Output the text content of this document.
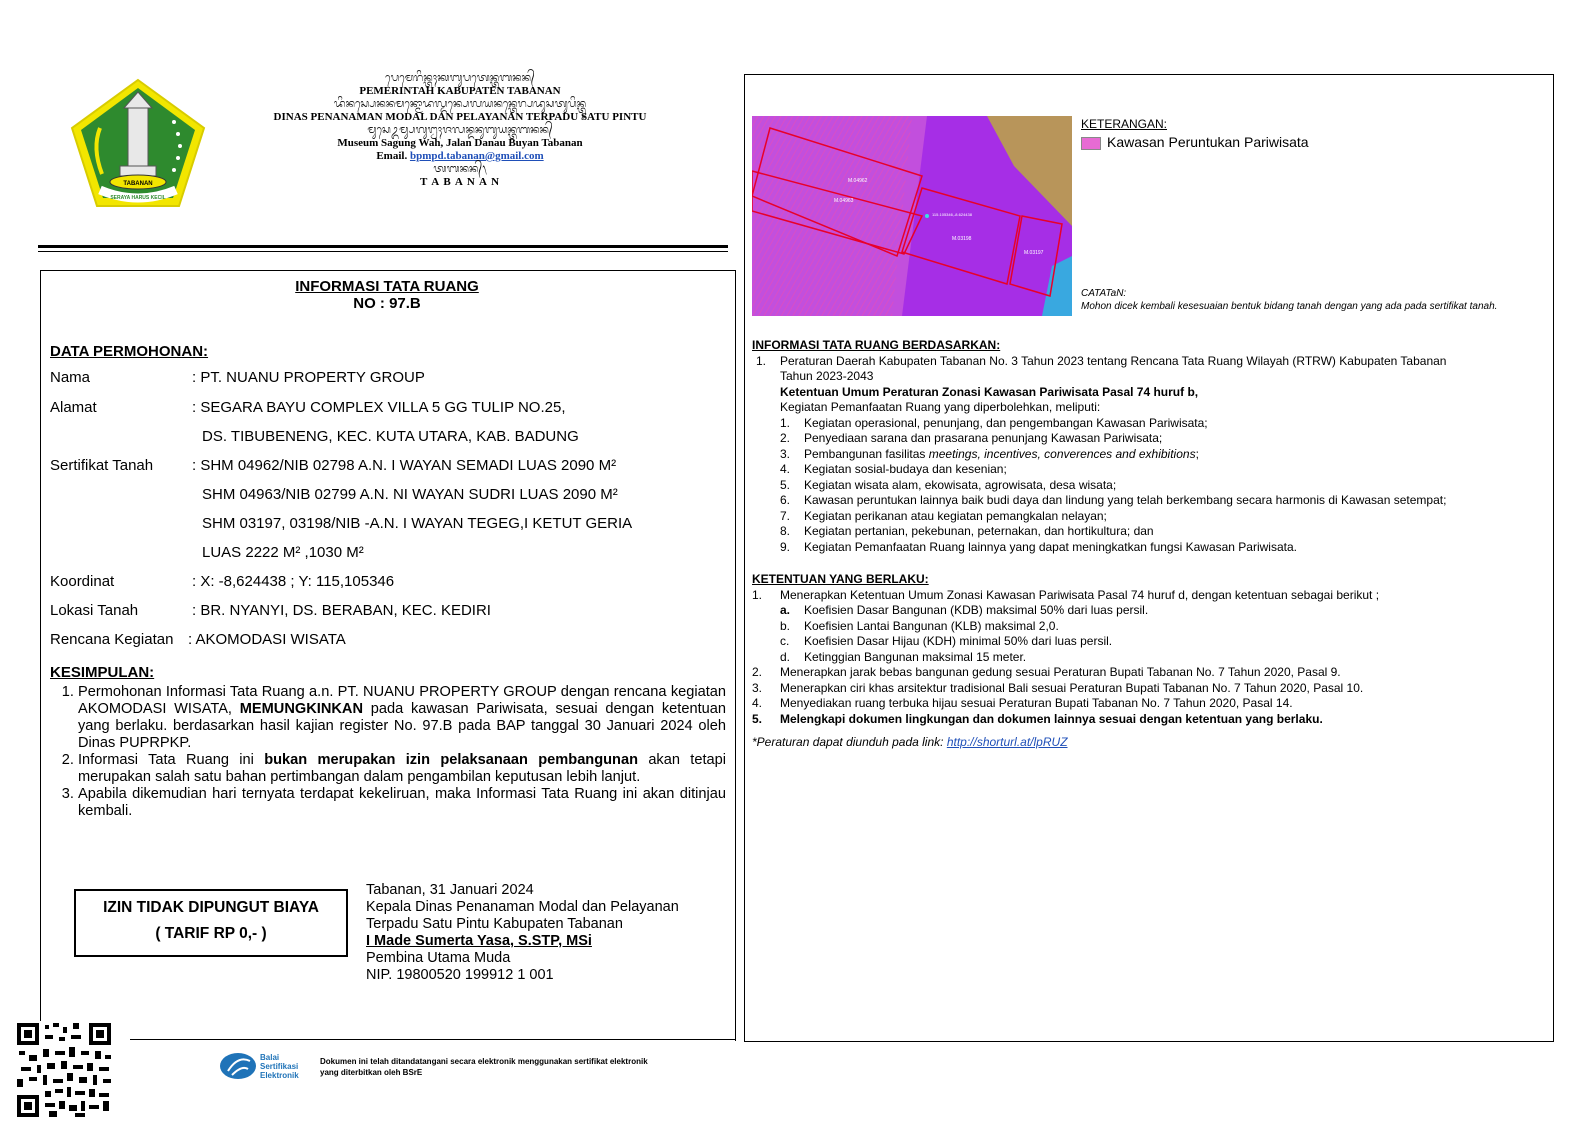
TABANAN
SERAYA HARUS KECIL
ᬧᬾᬫᬾᬭᬶᬦ᭄ᬢᬄᬓᬩᬸᬧᬢᬾᬦ᭄ᬢᬩᬦᬦ᭄
PEMERINTAH KABUPATEN TABANAN
ᬤᬶᬦᬲ᭄ᬧᬾᬦᬦᬫᬦ᭄ᬫᭀᬤᬮ᭄ᬤᬦ᭄ᬧᬾᬮᬬᬦᬦ᭄ᬢᬾᬭ᭄ᬧᬤᬸᬲᬢᬸᬧᬶᬦ᭄ᬢᬸ
DINAS PENANAMAN MODAL DAN PELAYANAN TERPADU SATU PINTU
ᬫᬸᬲᬾᬉᬫ᭄ᬲᬕᬸᬗ᭄ᬯᬄᬚᬮᬦ᭄ᬤᬦᬸᬩᬸᬬᬦ᭄ᬢᬩᬦᬦ᭄
Museum Sagung Wah, Jalan Danau Buyan Tabanan
Email. bpmpd.tabanan@gmail.com
ᬢᬩᬦᬦ᭄᭞
T A B A N A N
INFORMASI TATA RUANG
NO : 97.B
DATA PERMOHONAN:
Nama	: PT. NUANU PROPERTY GROUP
Alamat	: SEGARA BAYU COMPLEX VILLA 5 GG TULIP NO.25,
DS. TIBUBENENG, KEC. KUTA UTARA, KAB. BADUNG
Sertifikat Tanah	: SHM 04962/NIB 02798 A.N. I WAYAN SEMADI LUAS 2090 M²
SHM 04963/NIB 02799 A.N. NI WAYAN SUDRI LUAS 2090 M²
SHM 03197, 03198/NIB -A.N. I WAYAN TEGEG,I KETUT GERIA
LUAS 2222 M² ,1030 M²
Koordinat	: X: -8,624438 ; Y: 115,105346
Lokasi Tanah	: BR. NYANYI, DS. BERABAN, KEC. KEDIRI
Rencana Kegiatan : AKOMODASI WISATA
KESIMPULAN:
1. Permohonan Informasi Tata Ruang a.n. PT. NUANU PROPERTY GROUP dengan rencana kegiatan AKOMODASI WISATA, MEMUNGKINKAN pada kawasan Pariwisata, sesuai dengan ketentuan yang berlaku. berdasarkan hasil kajian register No. 97.B pada BAP tanggal 30 Januari 2024 oleh Dinas PUPRPKP.
2. Informasi Tata Ruang ini bukan merupakan izin pelaksanaan pembangunan akan tetapi merupakan salah satu bahan pertimbangan dalam pengambilan keputusan lebih lanjut.
3. Apabila dikemudian hari ternyata terdapat kekeliruan, maka Informasi Tata Ruang ini akan ditinjau kembali.
IZIN TIDAK DIPUNGUT BIAYA
( TARIF RP 0,- )
Tabanan, 31 Januari 2024
Kepala Dinas Penanaman Modal dan Pelayanan
Terpadu Satu Pintu Kabupaten Tabanan
I Made Sumerta Yasa, S.STP, MSi
Pembina Utama Muda
NIP. 19800520 199912 1 001
M.04962
M.04963
M.03198
M.03197
115.105346,-8.624438
KETERANGAN:
Kawasan Peruntukan Pariwisata
CATATaN:
Mohon dicek kembali kesesuaian bentuk bidang tanah dengan yang ada pada sertifikat tanah.
INFORMASI TATA RUANG BERDASARKAN:
1.	Peraturan Daerah Kabupaten Tabanan No. 3 Tahun 2023 tentang Rencana Tata Ruang Wilayah (RTRW) Kabupaten Tabanan
Tahun 2023-2043
Ketentuan Umum Peraturan Zonasi Kawasan Pariwisata Pasal 74 huruf b,
Kegiatan Pemanfaatan Ruang yang diperbolehkan, meliputi:
1.	Kegiatan operasional, penunjang, dan pengembangan Kawasan Pariwisata;
2.	Penyediaan sarana dan prasarana penunjang Kawasan Pariwisata;
3.	Pembangunan fasilitas meetings, incentives, converences and exhibitions;
4.	Kegiatan sosial-budaya dan kesenian;
5.	Kegiatan wisata alam, ekowisata, agrowisata, desa wisata;
6.	Kawasan peruntukan lainnya baik budi daya dan lindung yang telah berkembang secara harmonis di Kawasan setempat;
7.	Kegiatan perikanan atau kegiatan pemangkalan nelayan;
8.	Kegiatan pertanian, pekebunan, peternakan, dan hortikultura; dan
9.	Kegiatan Pemanfaatan Ruang lainnya yang dapat meningkatkan fungsi Kawasan Pariwisata.
KETENTUAN YANG BERLAKU:
1.	Menerapkan Ketentuan Umum Zonasi Kawasan Pariwisata Pasal 74 huruf d, dengan ketentuan sebagai berikut ;
a.	Koefisien Dasar Bangunan (KDB) maksimal 50% dari luas persil.
b.	Koefisien Lantai Bangunan (KLB) maksimal 2,0.
c.	Koefisien Dasar Hijau (KDH) minimal 50% dari luas persil.
d.	Ketinggian Bangunan maksimal 15 meter.
2.	Menerapkan jarak bebas bangunan gedung sesuai Peraturan Bupati Tabanan No. 7 Tahun 2020, Pasal 9.
3.	Menerapkan ciri khas arsitektur tradisional Bali sesuai Peraturan Bupati Tabanan No. 7 Tahun 2020, Pasal 10.
4.	Menyediakan ruang terbuka hijau sesuai Peraturan Bupati Tabanan No. 7 Tahun 2020, Pasal 14.
5.	Melengkapi dokumen lingkungan dan dokumen lainnya sesuai dengan ketentuan yang berlaku.
*Peraturan dapat diunduh pada link: http://shorturl.at/lpRUZ
Balai
Sertifikasi
Elektronik
Dokumen ini telah ditandatangani secara elektronik menggunakan sertifikat elektronik
yang diterbitkan oleh BSrE
